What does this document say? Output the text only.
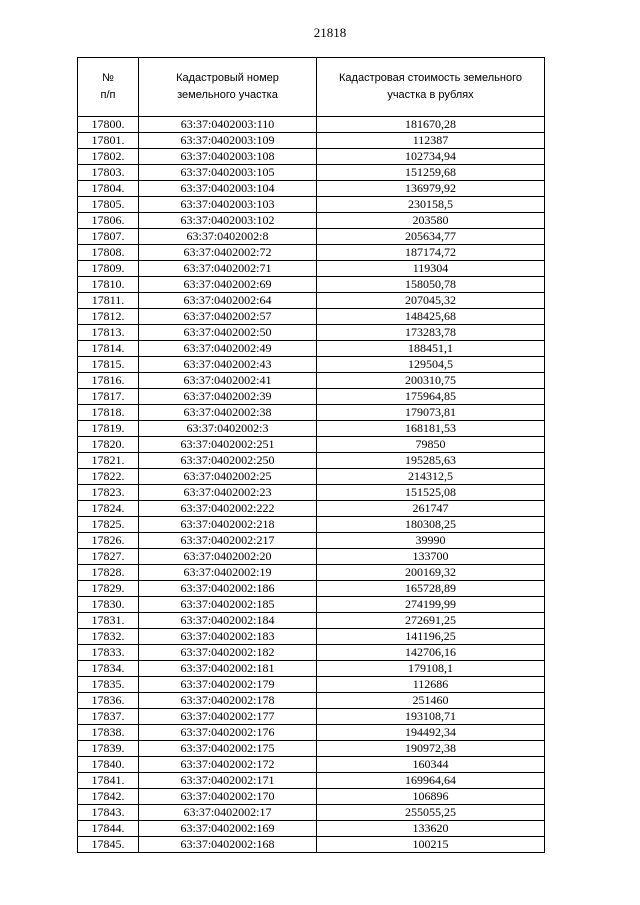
21818
№
п/п	Кадастровый номер земельного участка	Кадастровая стоимость земельного участка в рублях
17800.	63:37:0402003:110	181670,28
17801.	63:37:0402003:109	112387
17802.	63:37:0402003:108	102734,94
17803.	63:37:0402003:105	151259,68
17804.	63:37:0402003:104	136979,92
17805.	63:37:0402003:103	230158,5
17806.	63:37:0402003:102	203580
17807.	63:37:0402002:8	205634,77
17808.	63:37:0402002:72	187174,72
17809.	63:37:0402002:71	119304
17810.	63:37:0402002:69	158050,78
17811.	63:37:0402002:64	207045,32
17812.	63:37:0402002:57	148425,68
17813.	63:37:0402002:50	173283,78
17814.	63:37:0402002:49	188451,1
17815.	63:37:0402002:43	129504,5
17816.	63:37:0402002:41	200310,75
17817.	63:37:0402002:39	175964,85
17818.	63:37:0402002:38	179073,81
17819.	63:37:0402002:3	168181,53
17820.	63:37:0402002:251	79850
17821.	63:37:0402002:250	195285,63
17822.	63:37:0402002:25	214312,5
17823.	63:37:0402002:23	151525,08
17824.	63:37:0402002:222	261747
17825.	63:37:0402002:218	180308,25
17826.	63:37:0402002:217	39990
17827.	63:37:0402002:20	133700
17828.	63:37:0402002:19	200169,32
17829.	63:37:0402002:186	165728,89
17830.	63:37:0402002:185	274199,99
17831.	63:37:0402002:184	272691,25
17832.	63:37:0402002:183	141196,25
17833.	63:37:0402002:182	142706,16
17834.	63:37:0402002:181	179108,1
17835.	63:37:0402002:179	112686
17836.	63:37:0402002:178	251460
17837.	63:37:0402002:177	193108,71
17838.	63:37:0402002:176	194492,34
17839.	63:37:0402002:175	190972,38
17840.	63:37:0402002:172	160344
17841.	63:37:0402002:171	169964,64
17842.	63:37:0402002:170	106896
17843.	63:37:0402002:17	255055,25
17844.	63:37:0402002:169	133620
17845.	63:37:0402002:168	100215
